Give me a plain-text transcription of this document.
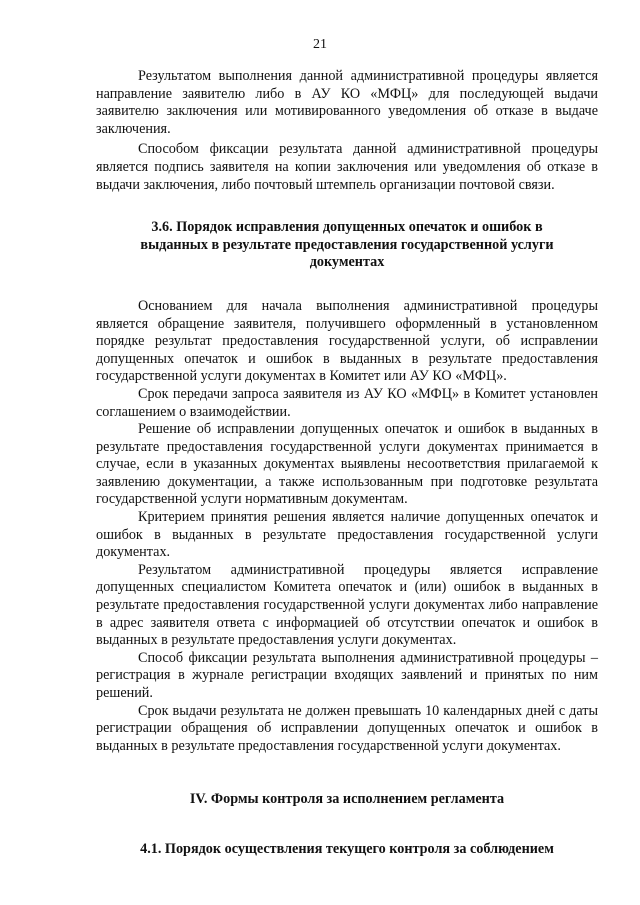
21

Результатом выполнения данной административной процедуры является направление заявителю либо в АУ КО «МФЦ» для последующей выдачи заявителю заключения или мотивированного уведомления об отказе в выдаче заключения.

Способом фиксации результата данной административной процедуры является подпись заявителя на копии заключения или уведомления об отказе в выдачи заключения, либо почтовый штемпель организации почтовой связи.

3.6. Порядок исправления допущенных опечаток и ошибок в выданных в результате предоставления государственной услуги документах

Основанием для начала выполнения административной процедуры является обращение заявителя, получившего оформленный в установленном порядке результат предоставления государственной услуги, об исправлении допущенных опечаток и ошибок в выданных в результате предоставления государственной услуги документах в Комитет или АУ КО «МФЦ».

Срок передачи запроса заявителя из АУ КО «МФЦ» в Комитет установлен соглашением о взаимодействии.

Решение об исправлении допущенных опечаток и ошибок в выданных в результате предоставления государственной услуги документах принимается в случае, если в указанных документах выявлены несоответствия прилагаемой к заявлению документации, а также использованным при подготовке результата государственной услуги нормативным документам.

Критерием принятия решения является наличие допущенных опечаток и ошибок в выданных в результате предоставления государственной услуги документах.

Результатом административной процедуры является исправление допущенных специалистом Комитета опечаток и (или) ошибок в выданных в результате предоставления государственной услуги документах либо направление в адрес заявителя ответа с информацией об отсутствии опечаток и ошибок в выданных в результате предоставления услуги документах.

Способ фиксации результата выполнения административной процедуры – регистрация в журнале регистрации входящих заявлений и принятых по ним решений.

Срок выдачи результата не должен превышать 10 календарных дней с даты регистрации обращения об исправлении допущенных опечаток и ошибок в выданных в результате предоставления государственной услуги документах.

IV. Формы контроля за исполнением регламента
4.1. Порядок осуществления текущего контроля за соблюдением
